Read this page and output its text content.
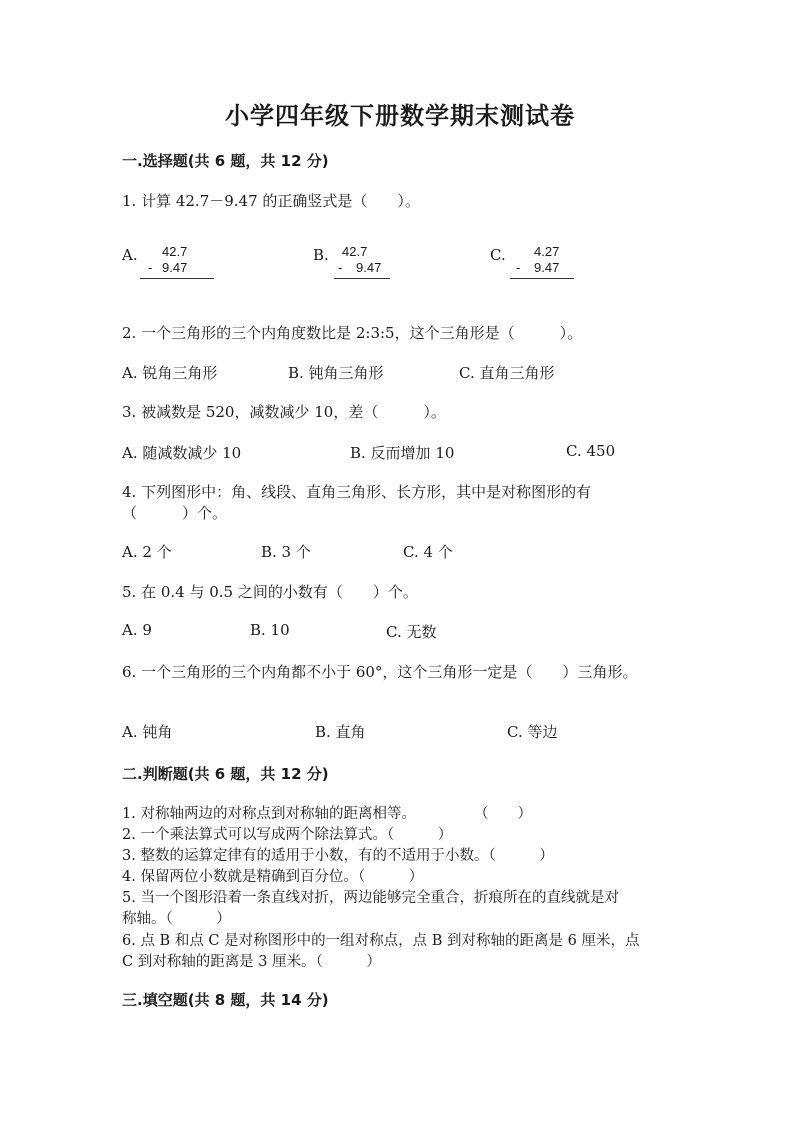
小学四年级下册数学期末测试卷
一.选择题(共 6 题，共 12 分)
1. 计算 42.7－9.47 的正确竖式是（　　）。
A. 42.7
- 9.47
B. 42.7
- 9.47
C. 4.27
- 9.47
2. 一个三角形的三个内角度数比是 2:3:5，这个三角形是（　　　）。
A. 锐角三角形	B. 钝角三角形	C. 直角三角形
3. 被减数是 520，减数减少 10，差（　　　）。
A. 随减数减少 10	B. 反而增加 10	C. 450
4. 下列图形中：角、线段、直角三角形、长方形，其中是对称图形的有
（　　　）个。
A. 2 个	B. 3 个	C. 4 个
5. 在 0.4 与 0.5 之间的小数有（　　）个。
A. 9	B. 10	C. 无数
6. 一个三角形的三个内角都不小于 60°，这个三角形一定是（　　）三角形。
A. 钝角	B. 直角	C. 等边
二.判断题(共 6 题，共 12 分)
1. 对称轴两边的对称点到对称轴的距离相等。　　　　　（　　）
2. 一个乘法算式可以写成两个除法算式。（　　　）
3. 整数的运算定律有的适用于小数，有的不适用于小数。（　　　）
4. 保留两位小数就是精确到百分位。（　　　）
5. 当一个图形沿着一条直线对折，两边能够完全重合，折痕所在的直线就是对
称轴。（　　　）
6. 点 B 和点 C 是对称图形中的一组对称点，点 B 到对称轴的距离是 6 厘米，点
C 到对称轴的距离是 3 厘米。（　　　）
三.填空题(共 8 题，共 14 分)
